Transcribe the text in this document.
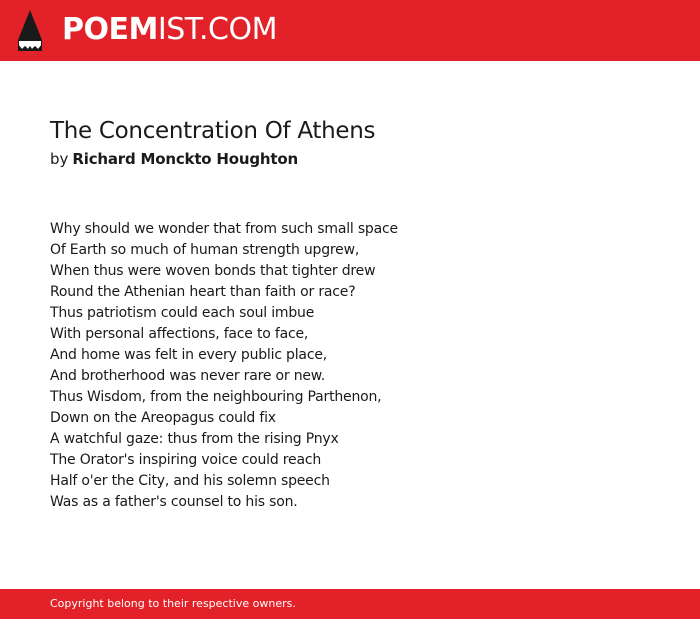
POEMIST.COM
The Concentration Of Athens
by Richard Monckto Houghton
Why should we wonder that from such small space
Of Earth so much of human strength upgrew,
When thus were woven bonds that tighter drew
Round the Athenian heart than faith or race?
Thus patriotism could each soul imbue
With personal affections, face to face,
And home was felt in every public place,
And brotherhood was never rare or new.
Thus Wisdom, from the neighbouring Parthenon,
Down on the Areopagus could fix
A watchful gaze: thus from the rising Pnyx
The Orator's inspiring voice could reach
Half o'er the City, and his solemn speech
Was as a father's counsel to his son.
Copyright belong to their respective owners.
